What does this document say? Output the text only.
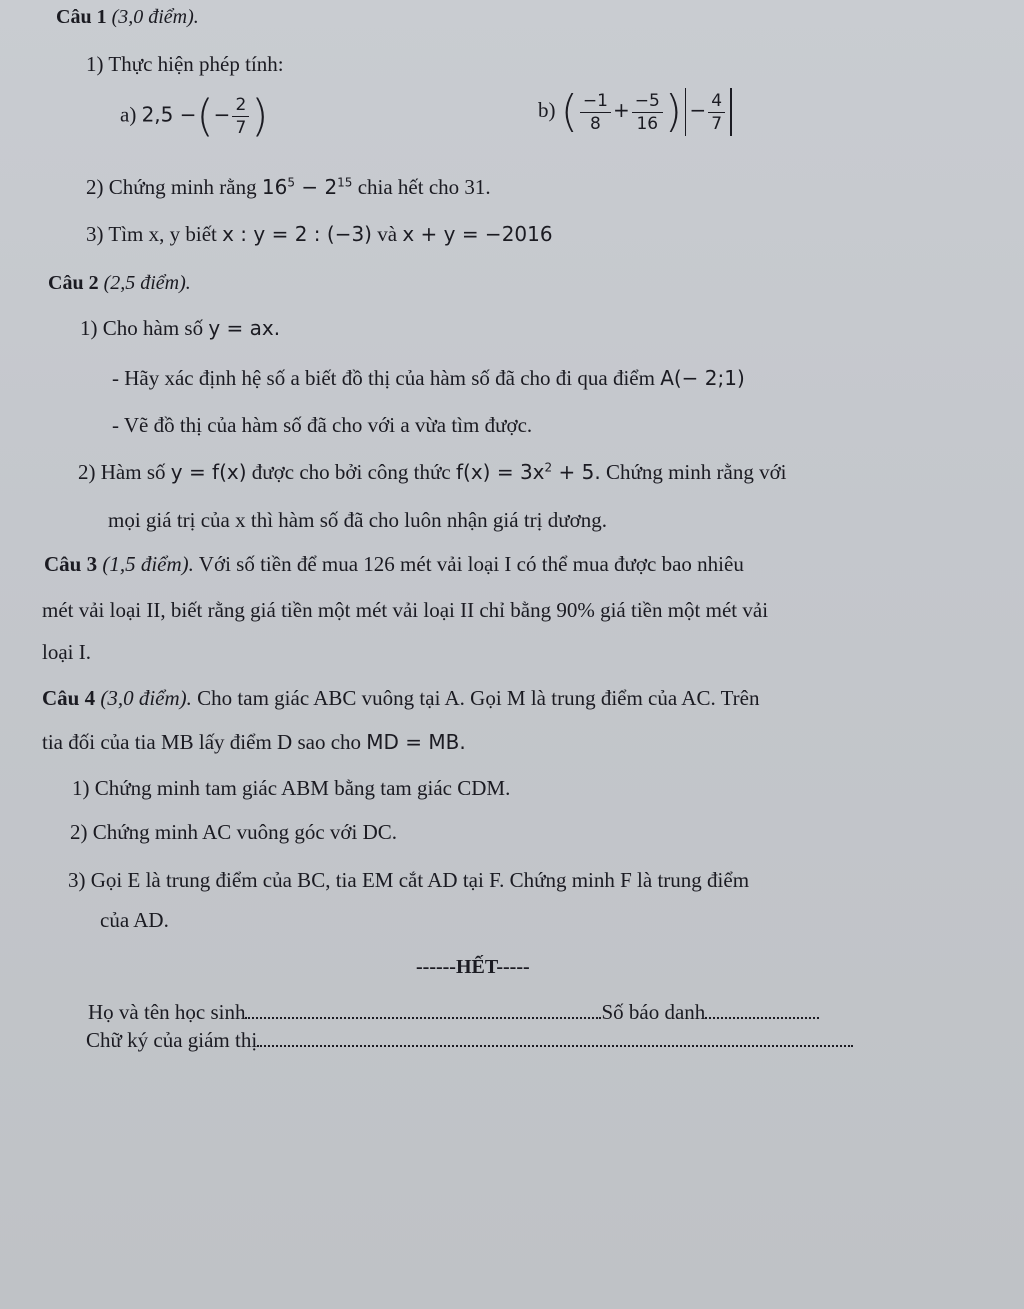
Câu 1 (3,0 điểm).
1) Thực hiện phép tính:
a) 2,5 −(− $\frac{2}{7}$ )	b) ( $\frac{-1}{8} + \frac{-5}{16}$ ) − $\frac{4}{7}$
2) Chứng minh rằng $16^5 - 2^{15}$ chia hết cho 31.
3) Tìm x, y biết x : y = 2 : (−3) và x + y = −2016
Câu 2 (2,5 điểm).
1) Cho hàm số y = ax.
- Hãy xác định hệ số a biết đồ thị của hàm số đã cho đi qua điểm A(− 2;1)
- Vẽ đồ thị của hàm số đã cho với a vừa tìm được.
2) Hàm số y = f(x) được cho bởi công thức $f(x) = 3x^2 + 5$. Chứng minh rằng với
mọi giá trị của x thì hàm số đã cho luôn nhận giá trị dương.
Câu 3 (1,5 điểm). Với số tiền để mua 126 mét vải loại I có thể mua được bao nhiêu
mét vải loại II, biết rằng giá tiền một mét vải loại II chỉ bằng 90% giá tiền một mét vải
loại I.
Câu 4 (3,0 điểm). Cho tam giác ABC vuông tại A. Gọi M là trung điểm của AC. Trên
tia đối của tia MB lấy điểm D sao cho MD = MB.
1) Chứng minh tam giác ABM bằng tam giác CDM.
2) Chứng minh AC vuông góc với DC.
3) Gọi E là trung điểm của BC, tia EM cắt AD tại F. Chứng minh F là trung điểm
của AD.
------HẾT-----
Họ và tên học sinh	Số báo danh
Chữ ký của giám thị
